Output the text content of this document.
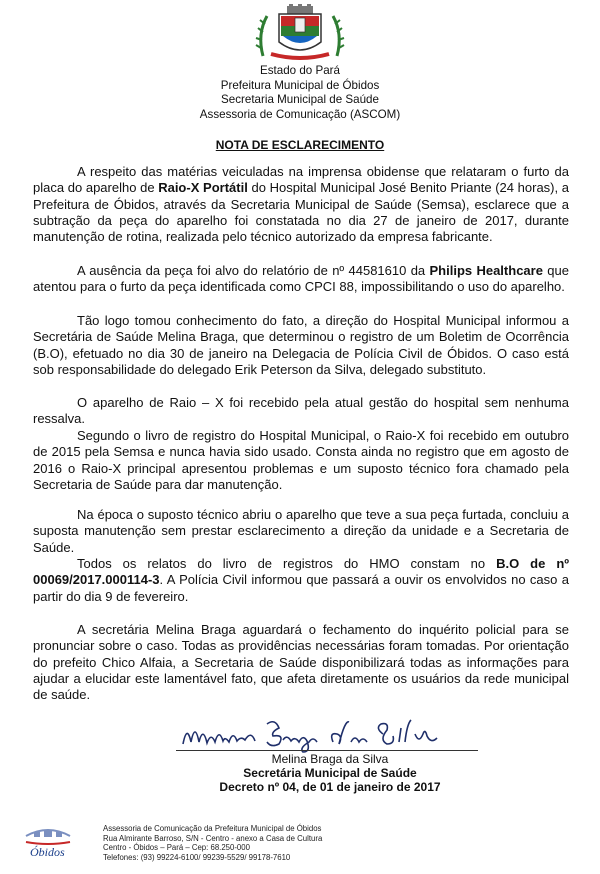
Estado do Pará
Prefeitura Municipal de Óbidos
Secretaria Municipal de Saúde
Assessoria de Comunicação (ASCOM)
NOTA DE ESCLARECIMENTO

A respeito das matérias veiculadas na imprensa obidense que relataram o furto da placa do aparelho de Raio-X Portátil do Hospital Municipal José Benito Priante (24 horas), a Prefeitura de Óbidos, através da Secretaria Municipal de Saúde (Semsa), esclarece que a subtração da peça do aparelho foi constatada no dia 27 de janeiro de 2017, durante manutenção de rotina, realizada pelo técnico autorizado da empresa fabricante.

A ausência da peça foi alvo do relatório de nº 44581610 da Philips Healthcare que atentou para o furto da peça identificada como CPCI 88, impossibilitando o uso do aparelho.

Tão logo tomou conhecimento do fato, a direção do Hospital Municipal informou a Secretária de Saúde Melina Braga, que determinou o registro de um Boletim de Ocorrência (B.O), efetuado no dia 30 de janeiro na Delegacia de Polícia Civil de Óbidos. O caso está sob responsabilidade do delegado Erik Peterson da Silva, delegado substituto.

O aparelho de Raio – X foi recebido pela atual gestão do hospital sem nenhuma ressalva.

Segundo o livro de registro do Hospital Municipal, o Raio-X foi recebido em outubro de 2015 pela Semsa e nunca havia sido usado. Consta ainda no registro que em agosto de 2016 o Raio-X principal apresentou problemas e um suposto técnico fora chamado pela Secretaria de Saúde para dar manutenção.

Na época o suposto técnico abriu o aparelho que teve a sua peça furtada, concluiu a suposta manutenção sem prestar esclarecimento a direção da unidade e a Secretaria de Saúde.

Todos os relatos do livro de registros do HMO constam no B.O de nº 00069/2017.000114-3. A Polícia Civil informou que passará a ouvir os envolvidos no caso a partir do dia 9 de fevereiro.

A secretária Melina Braga aguardará o fechamento do inquérito policial para se pronunciar sobre o caso. Todas as providências necessárias foram tomadas. Por orientação do prefeito Chico Alfaia, a Secretaria de Saúde disponibilizará todas as informações para ajudar a elucidar este lamentável fato, que afeta diretamente os usuários da rede municipal de saúde.

Melina Braga da Silva
Secretária Municipal de Saúde
Decreto nº 04, de 01 de janeiro de 2017
Óbidos
Assessoria de Comunicação da Prefeitura Municipal de Óbidos
Rua Almirante Barroso, S/N - Centro - anexo a Casa de Cultura
Centro - Óbidos – Pará – Cep: 68.250-000
Telefones: (93) 99224-6100/ 99239-5529/ 99178-7610
